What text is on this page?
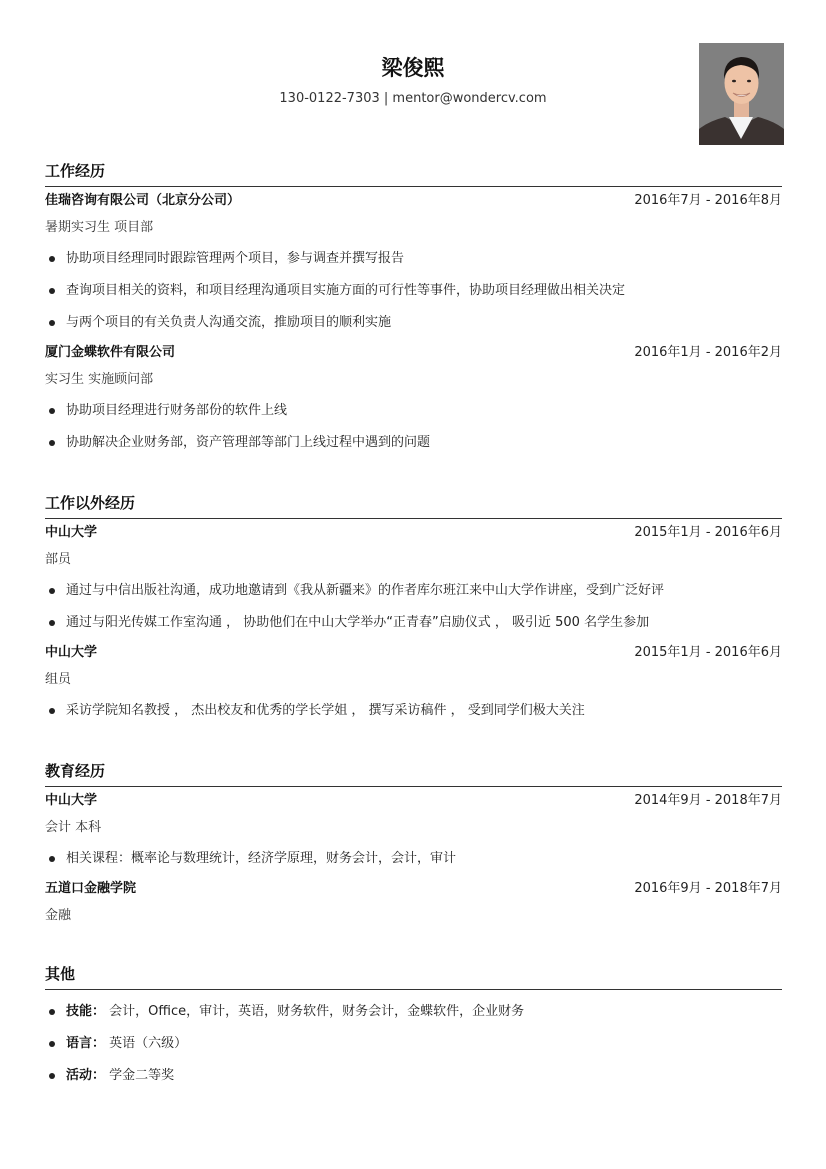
梁俊熙
130-0122-7303 | mentor@wondercv.com
工作经历
佳瑞咨询有限公司（北京分公司）	2016年7月 - 2016年8月
暑期实习生 项目部
协助项目经理同时跟踪管理两个项目，参与调查并撰写报告
查询项目相关的资料，和项目经理沟通项目实施方面的可行性等事件，协助项目经理做出相关决定
与两个项目的有关负责人沟通交流，推励项目的顺利实施
厦门金蝶软件有限公司	2016年1月 - 2016年2月
实习生 实施顾问部
协助项目经理进行财务部份的软件上线
协助解决企业财务部，资产管理部等部门上线过程中遇到的问题
工作以外经历
中山大学	2015年1月 - 2016年6月
部员
通过与中信出版社沟通，成功地邀请到《我从新疆来》的作者库尔班江来中山大学作讲座，受到广泛好评
通过与阳光传媒工作室沟通 ， 协助他们在中山大学举办“正青春”启励仪式 ， 吸引近 500 名学生参加
中山大学	2015年1月 - 2016年6月
组员
采访学院知名教授 ， 杰出校友和优秀的学长学姐 ， 撰写采访稿件 ， 受到同学们极大关注
教育经历
中山大学	2014年9月 - 2018年7月
会计 本科
相关课程：概率论与数理统计，经济学原理，财务会计，会计，审计
五道口金融学院	2016年9月 - 2018年7月
金融
其他
技能： 会计，Office，审计，英语，财务软件，财务会计，金蝶软件，企业财务
语言： 英语（六级）
活动： 学金二等奖
